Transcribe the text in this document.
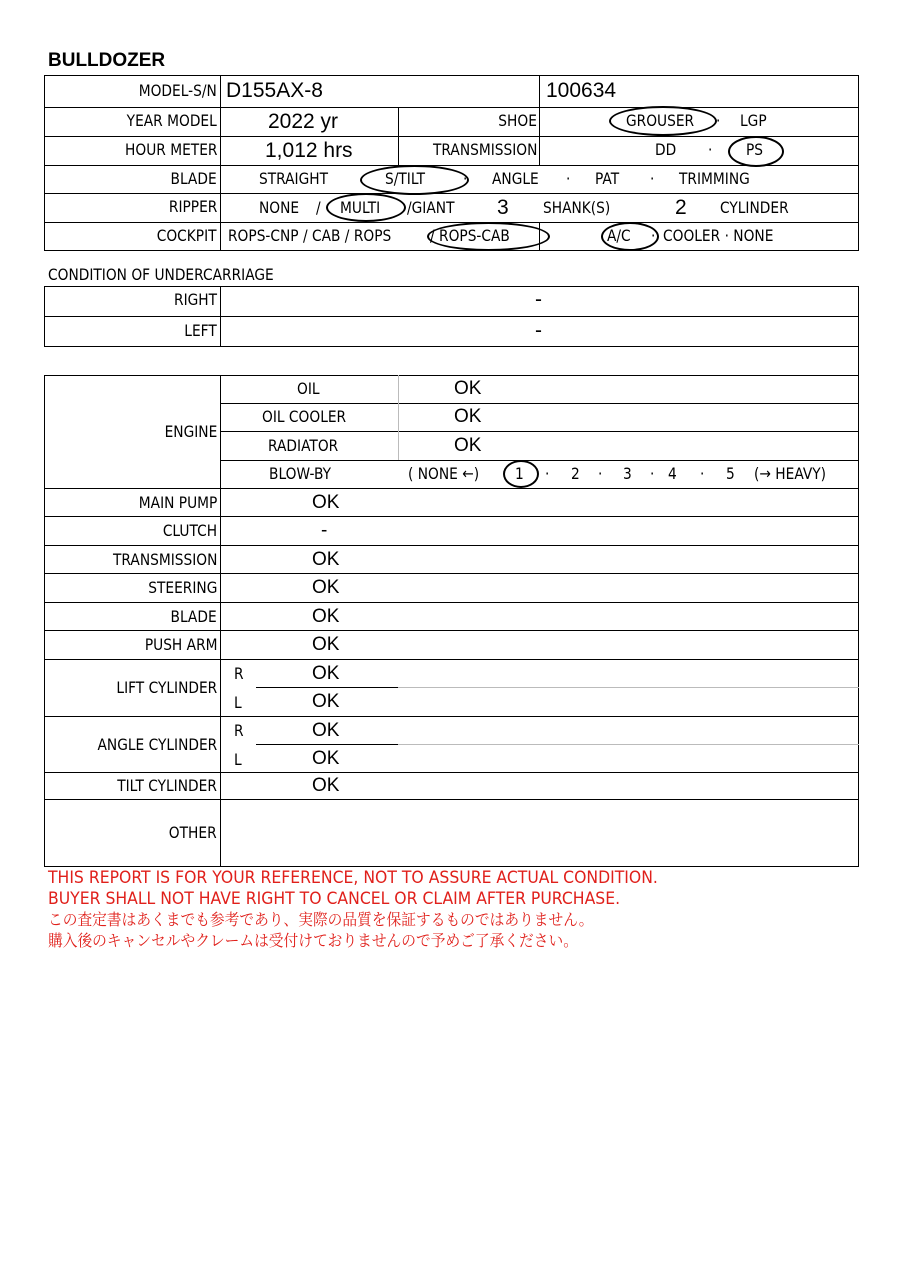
BULLDOZER
MODEL-S/N D155AX-8	100634
YEAR MODEL 2022 yr	SHOE	GROUSER · LGP
HOUR METER 1,012 hrs	TRANSMISSION	DD · PS
BLADE	STRAIGHT	S/TILT · ANGLE · PAT · TRIMMING
RIPPER	NONE / MULTI /GIANT 3 SHANK(S)	2 CYLINDER
COCKPIT ROPS-CNP / CAB / ROPS / ROPS-CAB	A/C · COOLER · NONE
CONDITION OF UNDERCARRIAGE
RIGHT	-
LEFT	-
ENGINE
OIL	OK
OIL COOLER	OK
RADIATOR	OK
BLOW-BY	( NONE ←) 1 · 2 · 3 · 4 · 5 (→ HEAVY)
MAIN PUMP	OK
CLUTCH	-
TRANSMISSION	OK
STEERING	OK
BLADE	OK
PUSH ARM	OK
LIFT CYLINDER
R	OK
L	OK
ANGLE CYLINDER
R	OK
L	OK
TILT CYLINDER	OK
OTHER
THIS REPORT IS FOR YOUR REFERENCE, NOT TO ASSURE ACTUAL CONDITION.
BUYER SHALL NOT HAVE RIGHT TO CANCEL OR CLAIM AFTER PURCHASE.
この査定書はあくまでも参考であり、実際の品質を保証するものではありません。
購入後のキャンセルやクレームは受付けておりませんので予めご了承ください。
